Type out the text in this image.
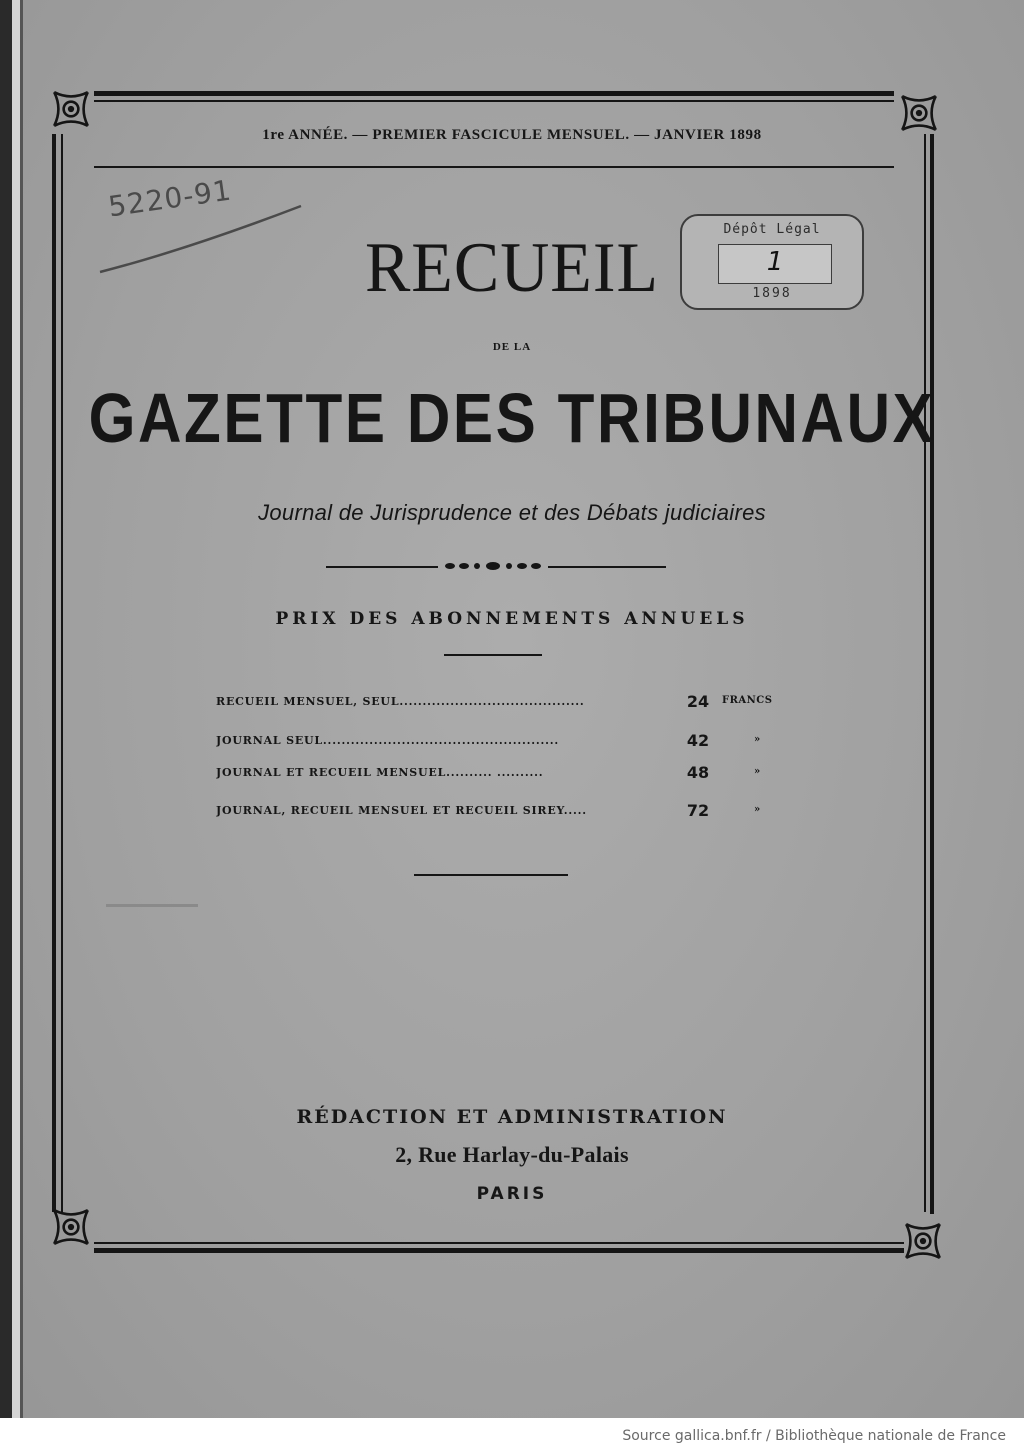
1re ANNÉE. — PREMIER FASCICULE MENSUEL. — JANVIER 1898
5220-91
Dépôt Légal
1
1898
RECUEIL
DE LA
GAZETTE DES TRIBUNAUX
Journal de Jurisprudence et des Débats judiciaires
PRIX DES ABONNEMENTS ANNUELS
RECUEIL MENSUEL, SEUL........................................	24	FRANCS
JOURNAL SEUL...................................................	42	»
JOURNAL ET RECUEIL MENSUEL.......... ..........	48	»
JOURNAL, RECUEIL MENSUEL ET RECUEIL SIREY.....	72	»
RÉDACTION ET ADMINISTRATION
2, Rue Harlay-du-Palais
PARIS
Source gallica.bnf.fr / Bibliothèque nationale de France
